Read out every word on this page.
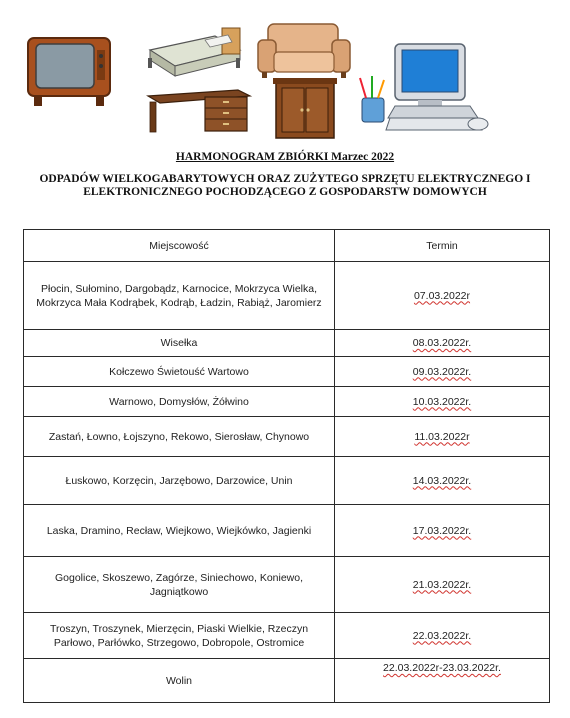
HARMONOGRAM ZBIÓRKI Marzec 2022
ODPADÓW WIELKOGABARYTOWYCH ORAZ ZUŻYTEGO SPRZĘTU ELEKTRYCZNEGO I ELEKTRONICZNEGO POCHODZĄCEGO Z GOSPODARSTW DOMOWYCH
Miejscowość	Termin
Płocin, Sułomino, Dargobądz, Karnocice, Mokrzyca Wielka, Mokrzyca Mała Kodrąbek, Kodrąb, Ładzin, Rabiąż, Jaromierz	07.03.2022r
Wisełka	08.03.2022r.
Kołczewo Świetouść Wartowo	09.03.2022r.
Warnowo, Domysłów, Żółwino	10.03.2022r.
Zastań, Łowno, Łojszyno, Rekowo, Sierosław, Chynowo	11.03.2022r
Łuskowo, Korzęcin, Jarzębowo, Darzowice, Unin	14.03.2022r.
Laska, Dramino, Recław, Wiejkowo, Wiejkówko, Jagienki	17.03.2022r.
Gogolice, Skoszewo, Zagórze, Siniechowo, Koniewo, Jagniątkowo	21.03.2022r.
Troszyn, Troszynek, Mierzęcin, Piaski Wielkie, Rzeczyn Parłowo, Parłówko, Strzegowo, Dobropole, Ostromice	22.03.2022r.
Wolin	22.03.2022r-23.03.2022r.
